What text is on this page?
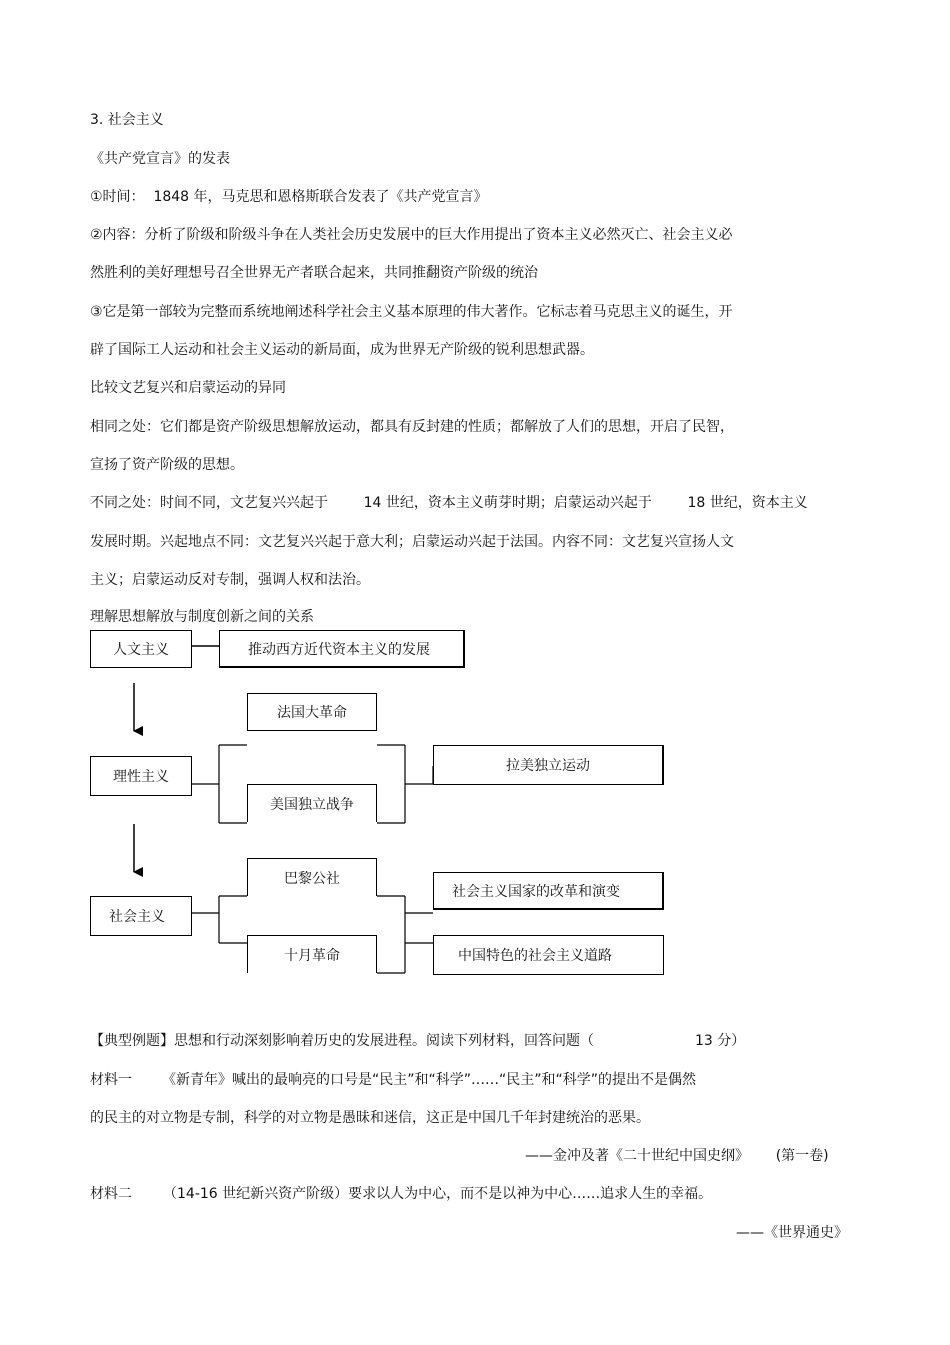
3. 社会主义
《共产党宣言》的发表
①时间：  1848 年，马克思和恩格斯联合发表了《共产党宣言》
②内容：分析了阶级和阶级斗争在人类社会历史发展中的巨大作用提出了资本主义必然灭亡、社会主义必
然胜利的美好理想号召全世界无产者联合起来，共同推翻资产阶级的统治
③它是第一部较为完整而系统地阐述科学社会主义基本原理的伟大著作。它标志着马克思主义的诞生，开
辟了国际工人运动和社会主义运动的新局面，成为世界无产阶级的锐利思想武器。
比较文艺复兴和启蒙运动的异同
相同之处：它们都是资产阶级思想解放运动，都具有反封建的性质；都解放了人们的思想，开启了民智，
宣扬了资产阶级的思想。
不同之处：时间不同，文艺复兴兴起于        14 世纪，资本主义萌芽时期；启蒙运动兴起于        18 世纪，资本主义
发展时期。兴起地点不同：文艺复兴兴起于意大利；启蒙运动兴起于法国。内容不同：文艺复兴宣扬人文
主义；启蒙运动反对专制，强调人权和法治。
理解思想解放与制度创新之间的关系
人文主义	推动西方近代资本主义的发展
法国大革命
理性主义
拉美独立运动
美国独立战争
巴黎公社
社会主义
社会主义国家的改革和演变
十月革命	中国特色的社会主义道路
【典型例题】思想和行动深刻影响着历史的发展进程。阅读下列材料，回答问题（	13 分）
材料一 《新青年》喊出的最响亮的口号是“民主”和“科学”……“民主”和“科学”的提出不是偶然
的民主的对立物是专制，科学的对立物是愚昧和迷信，这正是中国几千年封建统治的恶果。
——金冲及著《二十世纪中国史纲》      (第一卷)
材料二 （14-16 世纪新兴资产阶级）要求以人为中心，而不是以神为中心……追求人生的幸福。
——《世界通史》
